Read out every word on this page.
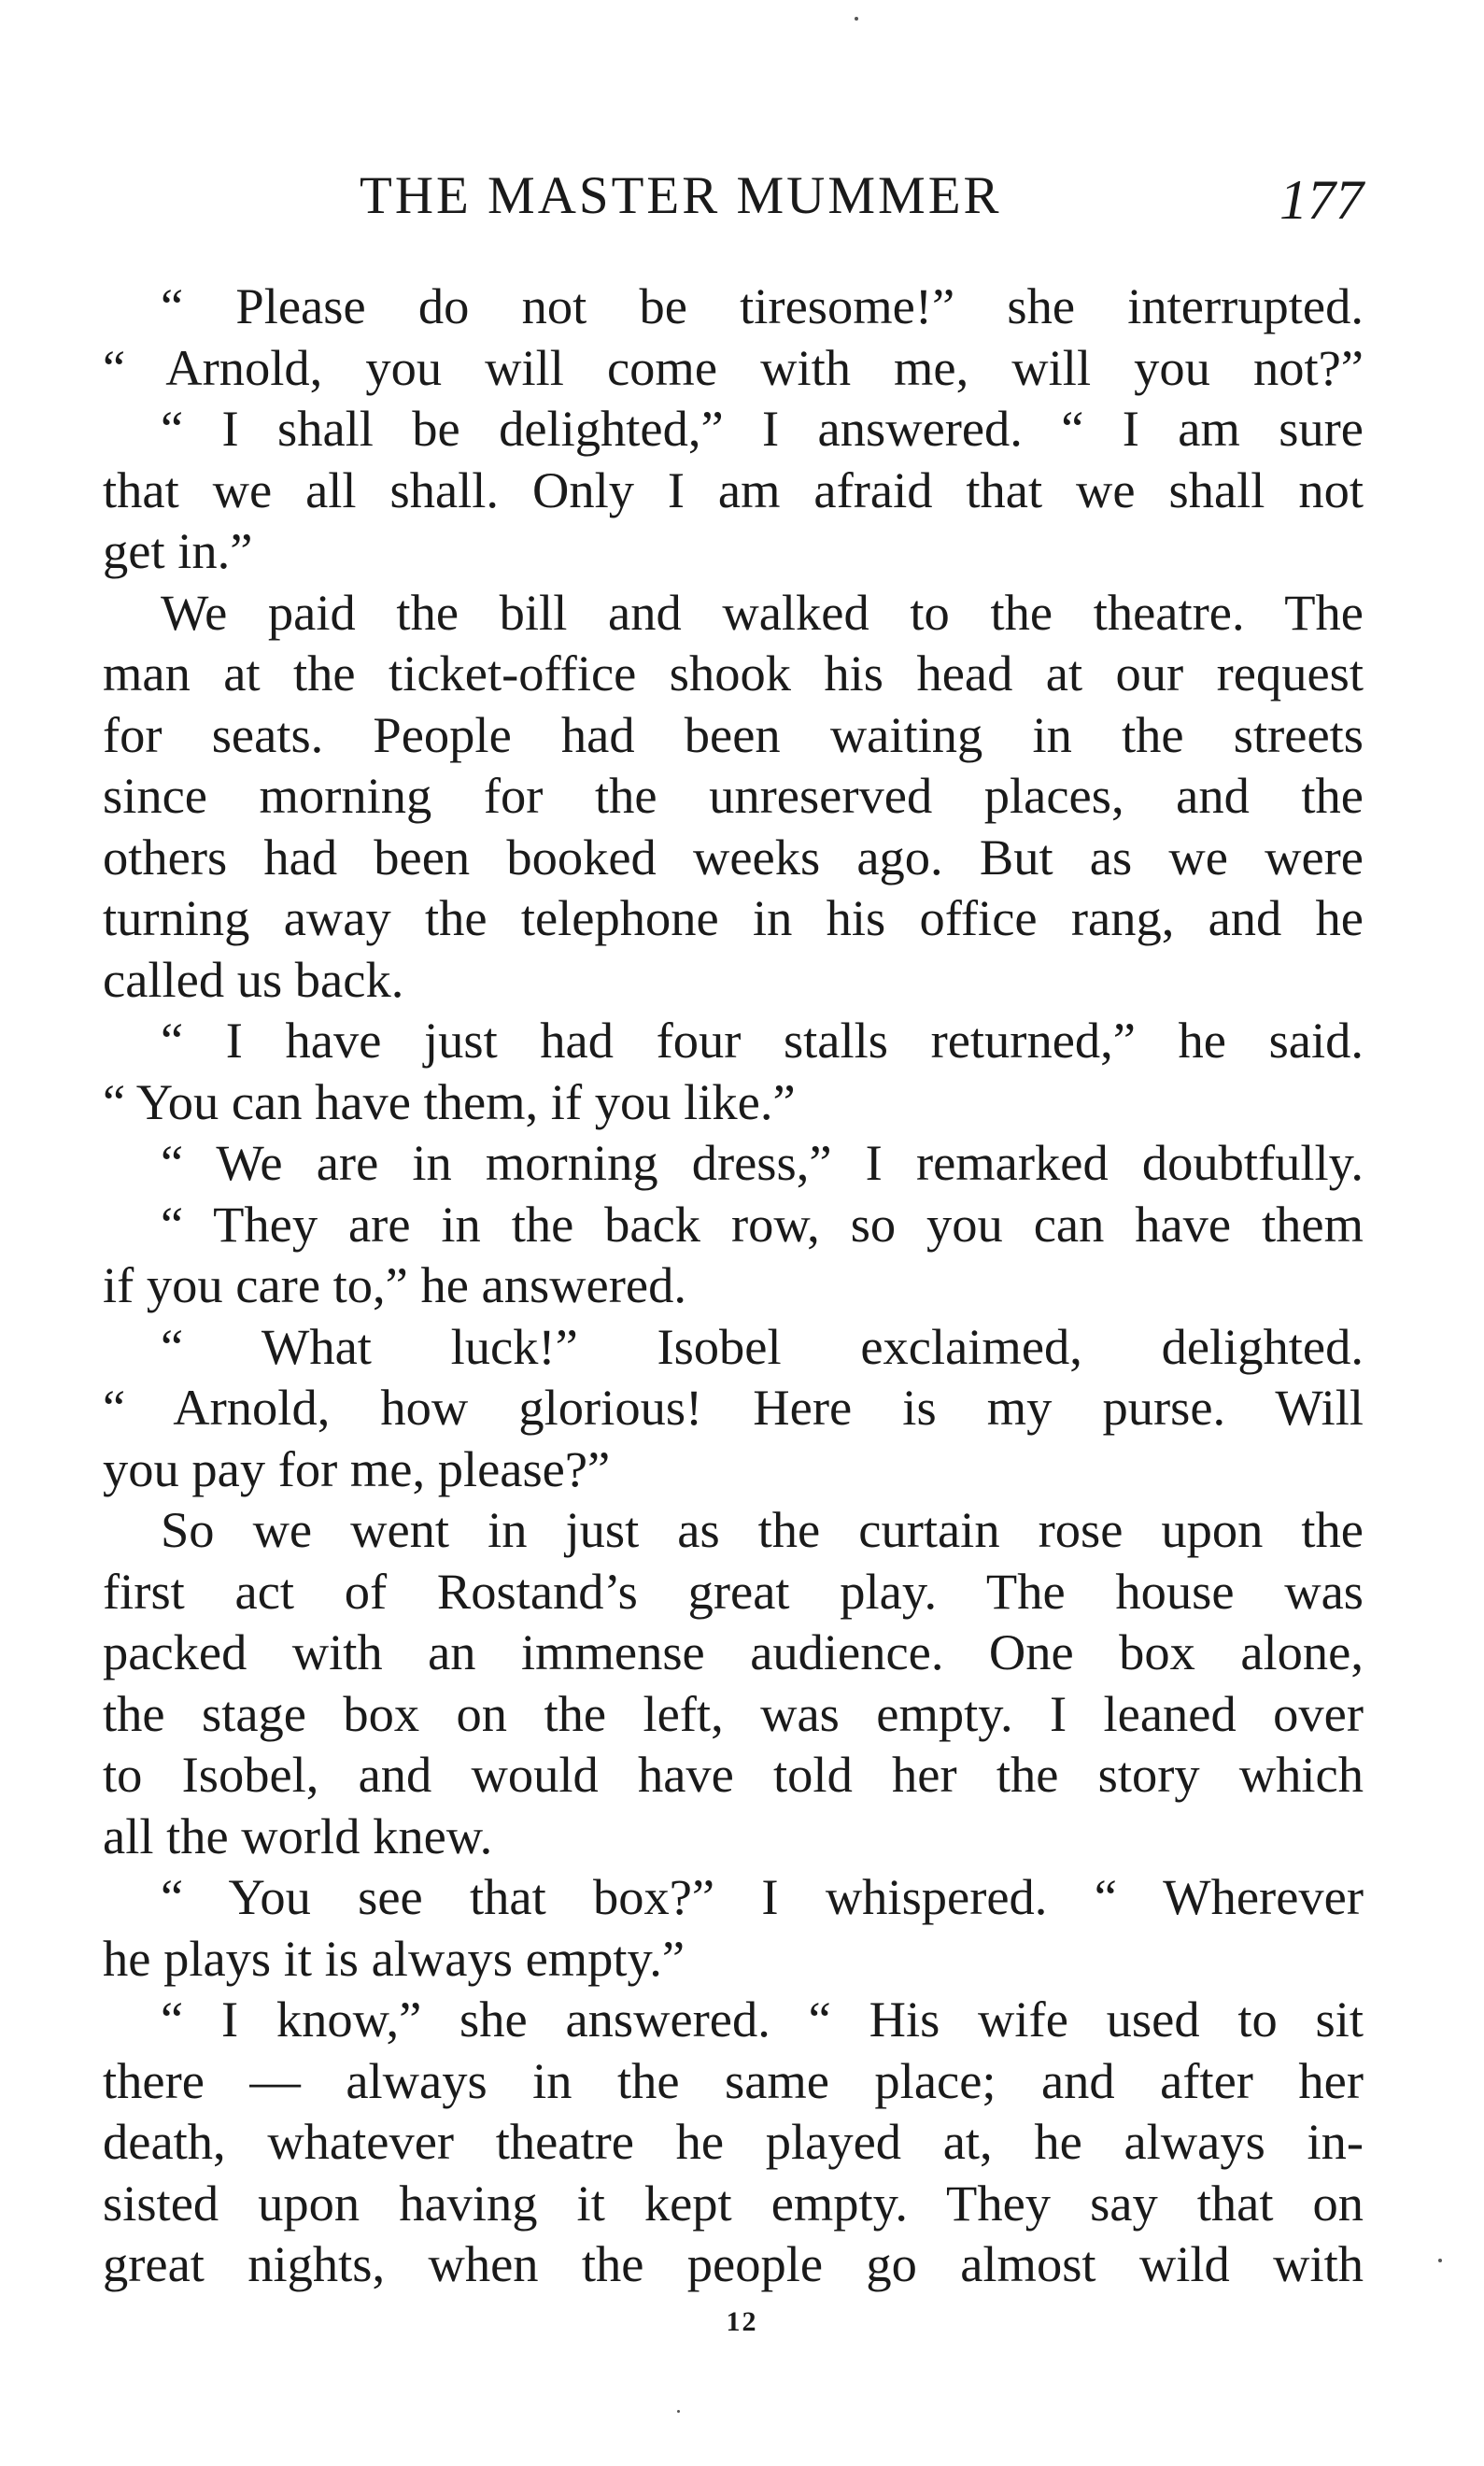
THE MASTER MUMMER	177
“ Please do not be tiresome!” she interrupted.
“ Arnold, you will come with me, will you not?”
“ I shall be delighted,” I answered. “ I am sure
that we all shall. Only I am afraid that we shall not
get in.”
We paid the bill and walked to the theatre. The
man at the ticket-office shook his head at our request
for seats. People had been waiting in the streets
since morning for the unreserved places, and the
others had been booked weeks ago. But as we were
turning away the telephone in his office rang, and he
called us back.
“ I have just had four stalls returned,” he said.
“ You can have them, if you like.”
“ We are in morning dress,” I remarked doubtfully.
“ They are in the back row, so you can have them
if you care to,” he answered.
“ What luck!” Isobel exclaimed, delighted.
“ Arnold, how glorious! Here is my purse. Will
you pay for me, please?”
So we went in just as the curtain rose upon the
first act of Rostand’s great play. The house was
packed with an immense audience. One box alone,
the stage box on the left, was empty. I leaned over
to Isobel, and would have told her the story which
all the world knew.
“ You see that box?” I whispered. “ Wherever
he plays it is always empty.”
“ I know,” she answered. “ His wife used to sit
there — always in the same place; and after her
death, whatever theatre he played at, he always in-
sisted upon having it kept empty. They say that on
great nights, when the people go almost wild with
12
